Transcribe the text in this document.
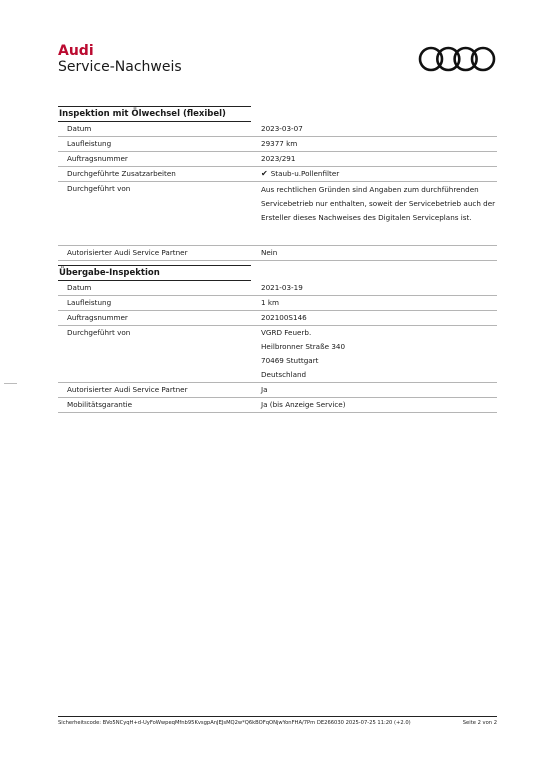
Audi
Service-Nachweis
Inspektion mit Ölwechsel (flexibel)
Datum	2023-03-07
Laufleistung	29377 km
Auftragsnummer	2023/291
Durchgeführte Zusatzarbeiten	✔ Staub-u.Pollenfilter
Durchgeführt von	Aus rechtlichen Gründen sind Angaben zum durchführenden
Servicebetrieb nur enthalten, soweit der Servicebetrieb auch der
Ersteller dieses Nachweises des Digitalen Serviceplans ist.

Autorisierter Audi Service Partner	Nein
Übergabe-Inspektion
Datum	2021-03-19
Laufleistung	1 km
Auftragsnummer	202100S146
Durchgeführt von	VGRD Feuerb.
Heilbronner Straße 340
70469 Stuttgart
Deutschland
Autorisierter Audi Service Partner	Ja
Mobilitätsgarantie	Ja (bis Anzeige Service)
Sicherheitscode: BVo5NCyqH+d-UyFoWwpeqMfnb95KvsgpAnJEJsMQ2w*Q6kBOFqONjwYonFHA/7Pm DE266030 2025-07-25 11:20 (+2.0)	Seite 2 von 2
